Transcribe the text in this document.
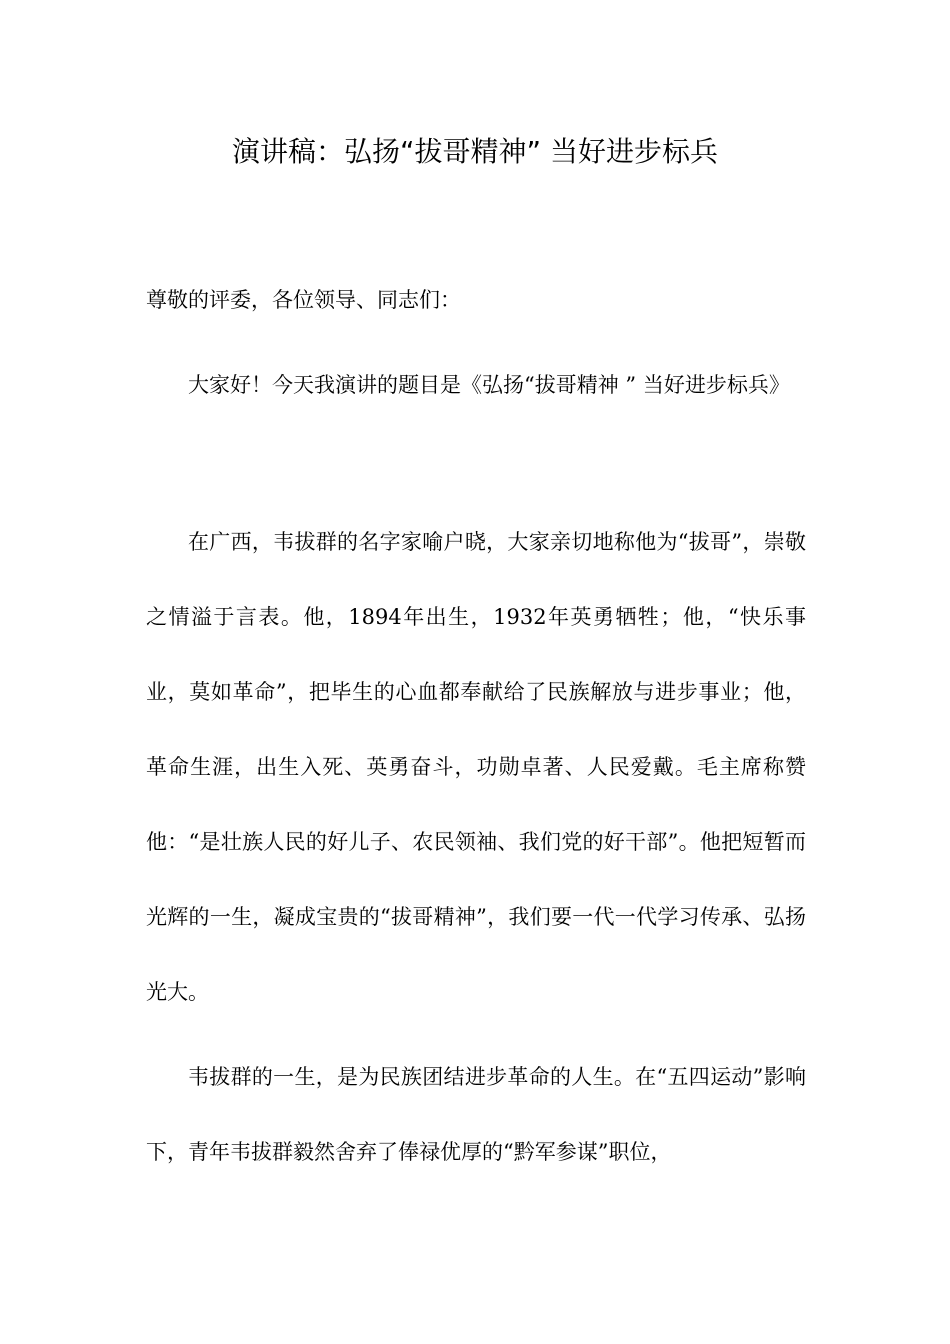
演讲稿：弘扬“拔哥精神” 当好进步标兵

尊敬的评委，各位领导、同志们：

大家好！今天我演讲的题目是《弘扬“拔哥精神 ” 当好进步标兵》

在广西，韦拔群的名字家喻户晓，大家亲切地称他为“拔哥”，崇敬之情溢于言表。他，1894年出生，1932年英勇牺牲；他，“快乐事业，莫如革命”，把毕生的心血都奉献给了民族解放与进步事业；他，革命生涯，出生入死、英勇奋斗，功勋卓著、人民爱戴。毛主席称赞他：“是壮族人民的好儿子、农民领袖、我们党的好干部”。他把短暂而光辉的一生，凝成宝贵的“拔哥精神”，我们要一代一代学习传承、弘扬光大。

韦拔群的一生，是为民族团结进步革命的人生。在“五四运动”影响下，青年韦拔群毅然舍弃了俸禄优厚的“黔军参谋”职位，
